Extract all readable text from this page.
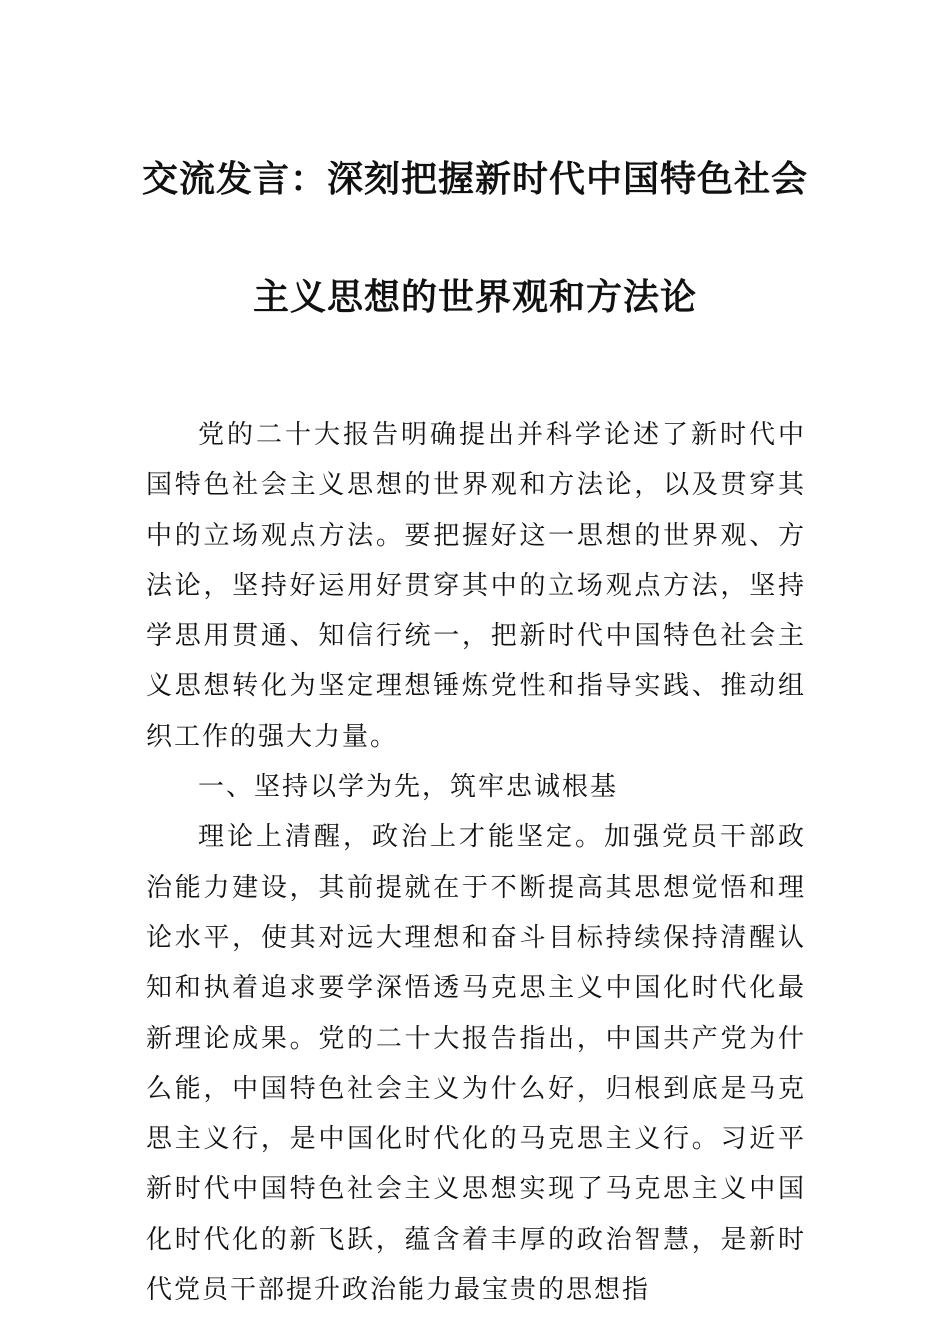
交流发言：深刻把握新时代中国特色社会
主义思想的世界观和方法论

党的二十大报告明确提出并科学论述了新时代中国特色社会主义思想的世界观和方法论，以及贯穿其中的立场观点方法。要把握好这一思想的世界观、方法论，坚持好运用好贯穿其中的立场观点方法，坚持学思用贯通、知信行统一，把新时代中国特色社会主义思想转化为坚定理想锤炼党性和指导实践、推动组织工作的强大力量。

一、坚持以学为先，筑牢忠诚根基

理论上清醒，政治上才能坚定。加强党员干部政治能力建设，其前提就在于不断提高其思想觉悟和理论水平，使其对远大理想和奋斗目标持续保持清醒认知和执着追求要学深悟透马克思主义中国化时代化最新理论成果。党的二十大报告指出，中国共产党为什么能，中国特色社会主义为什么好，归根到底是马克思主义行，是中国化时代化的马克思主义行。习近平新时代中国特色社会主义思想实现了马克思主义中国化时代化的新飞跃，蕴含着丰厚的政治智慧，是新时代党员干部提升政治能力最宝贵的思想指
